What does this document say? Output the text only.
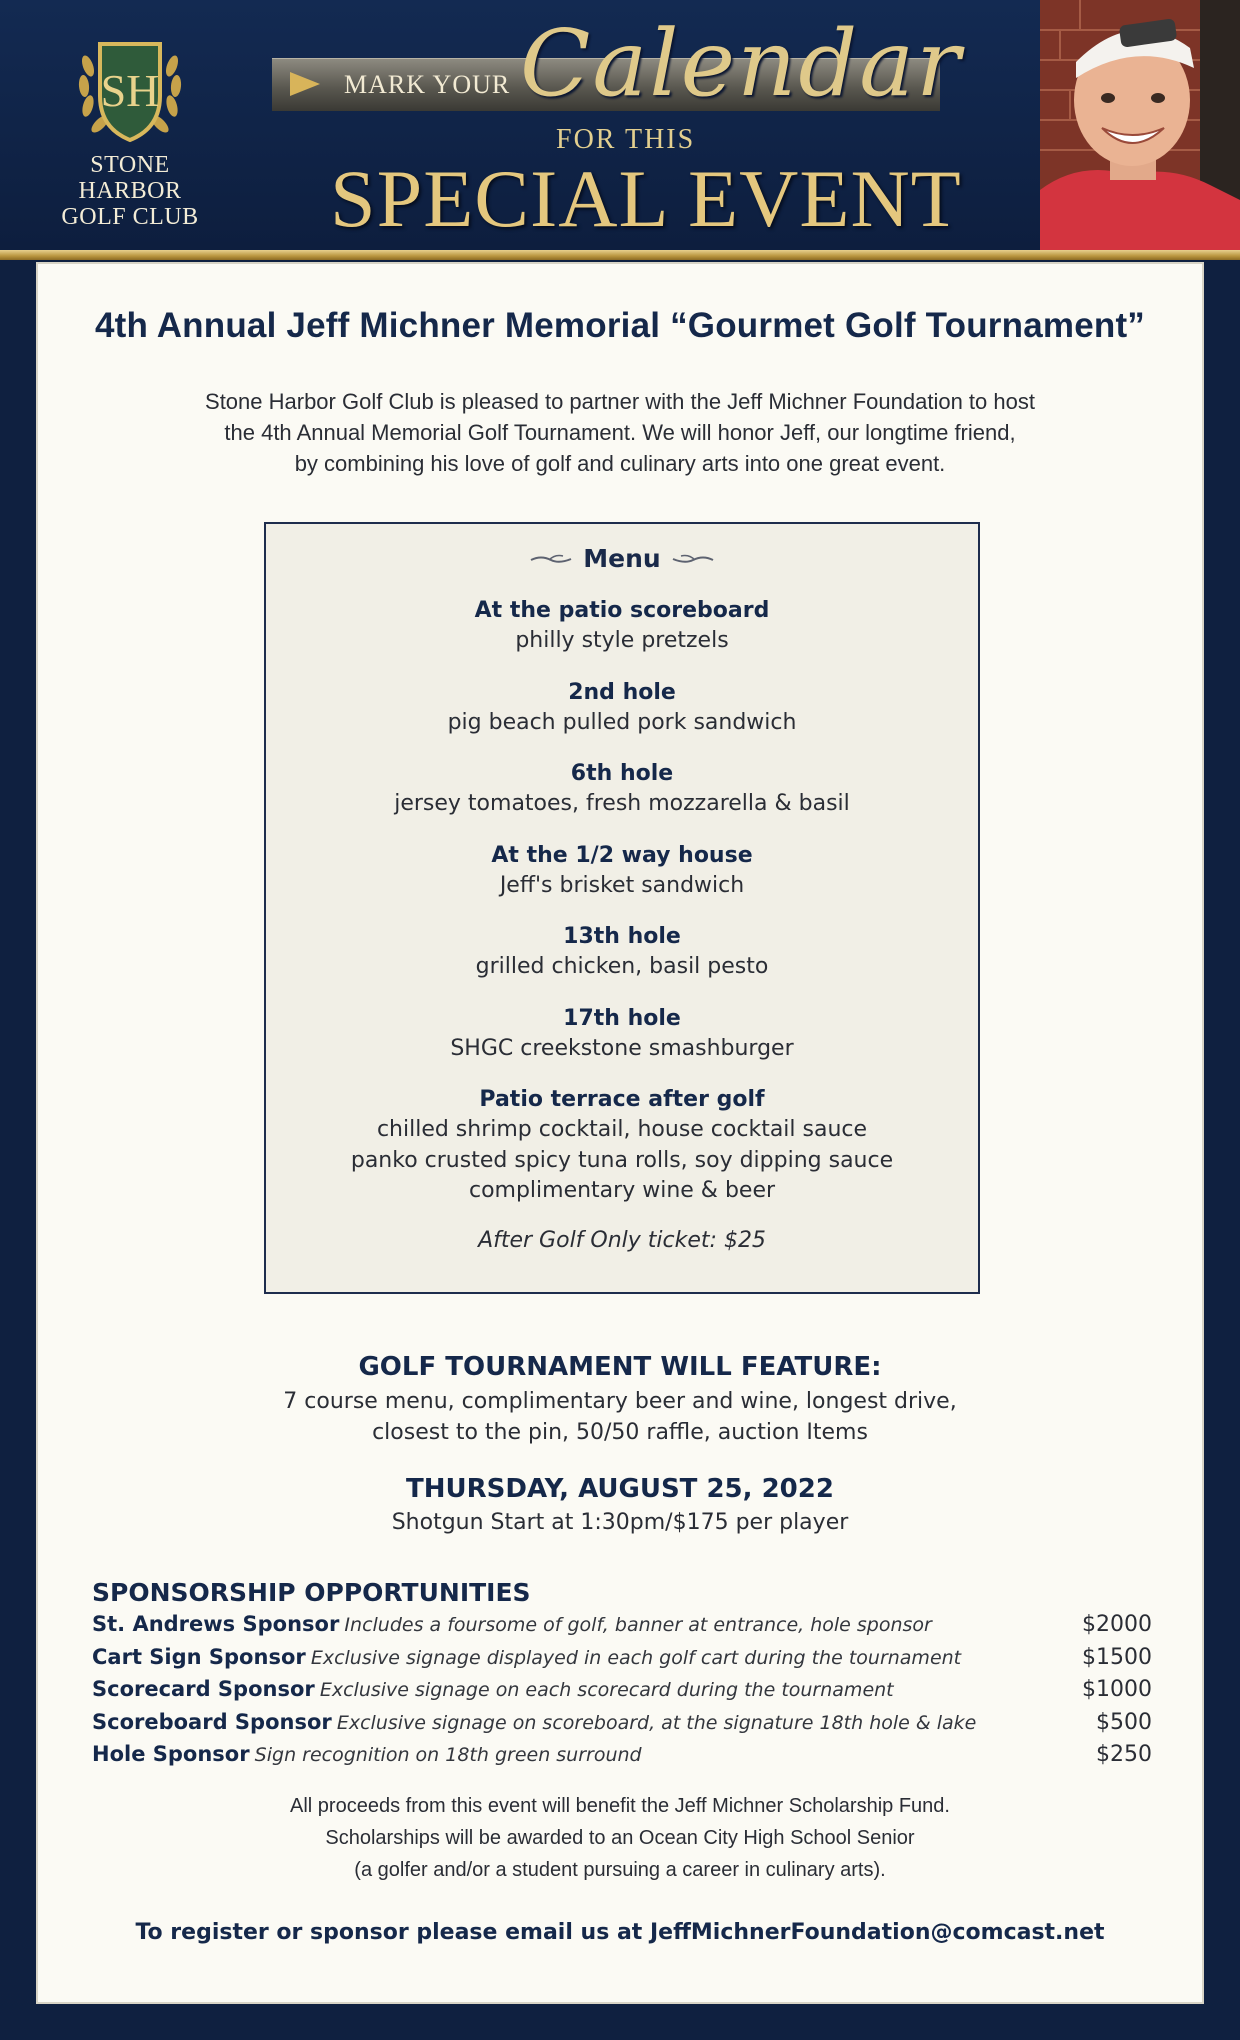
SH
STONE HARBOR
GOLF CLUB
MARK YOUR Calendar
FOR THIS
SPECIAL EVENT
4th Annual Jeff Michner Memorial “Gourmet Golf Tournament”
Stone Harbor Golf Club is pleased to partner with the Jeff Michner Foundation to host
the 4th Annual Memorial Golf Tournament. We will honor Jeff, our longtime friend,
by combining his love of golf and culinary arts into one great event.
Menu
At the patio scoreboard
philly style pretzels
2nd hole
pig beach pulled pork sandwich
6th hole
jersey tomatoes, fresh mozzarella & basil
At the 1/2 way house
Jeff's brisket sandwich
13th hole
grilled chicken, basil pesto
17th hole
SHGC creekstone smashburger
Patio terrace after golf
chilled shrimp cocktail, house cocktail sauce
panko crusted spicy tuna rolls, soy dipping sauce
complimentary wine & beer
After Golf Only ticket: $25
GOLF TOURNAMENT WILL FEATURE:
7 course menu, complimentary beer and wine, longest drive,
closest to the pin, 50/50 raffle, auction Items
THURSDAY, AUGUST 25, 2022
Shotgun Start at 1:30pm/$175 per player
SPONSORSHIP OPPORTUNITIES
St. Andrews Sponsor Includes a foursome of golf, banner at entrance, hole sponsor	$2000
Cart Sign Sponsor Exclusive signage displayed in each golf cart during the tournament	$1500
Scorecard Sponsor Exclusive signage on each scorecard during the tournament	$1000
Scoreboard Sponsor Exclusive signage on scoreboard, at the signature 18th hole & lake	$500
Hole Sponsor Sign recognition on 18th green surround	$250
All proceeds from this event will benefit the Jeff Michner Scholarship Fund.
Scholarships will be awarded to an Ocean City High School Senior
(a golfer and/or a student pursuing a career in culinary arts).
To register or sponsor please email us at JeffMichnerFoundation@comcast.net
